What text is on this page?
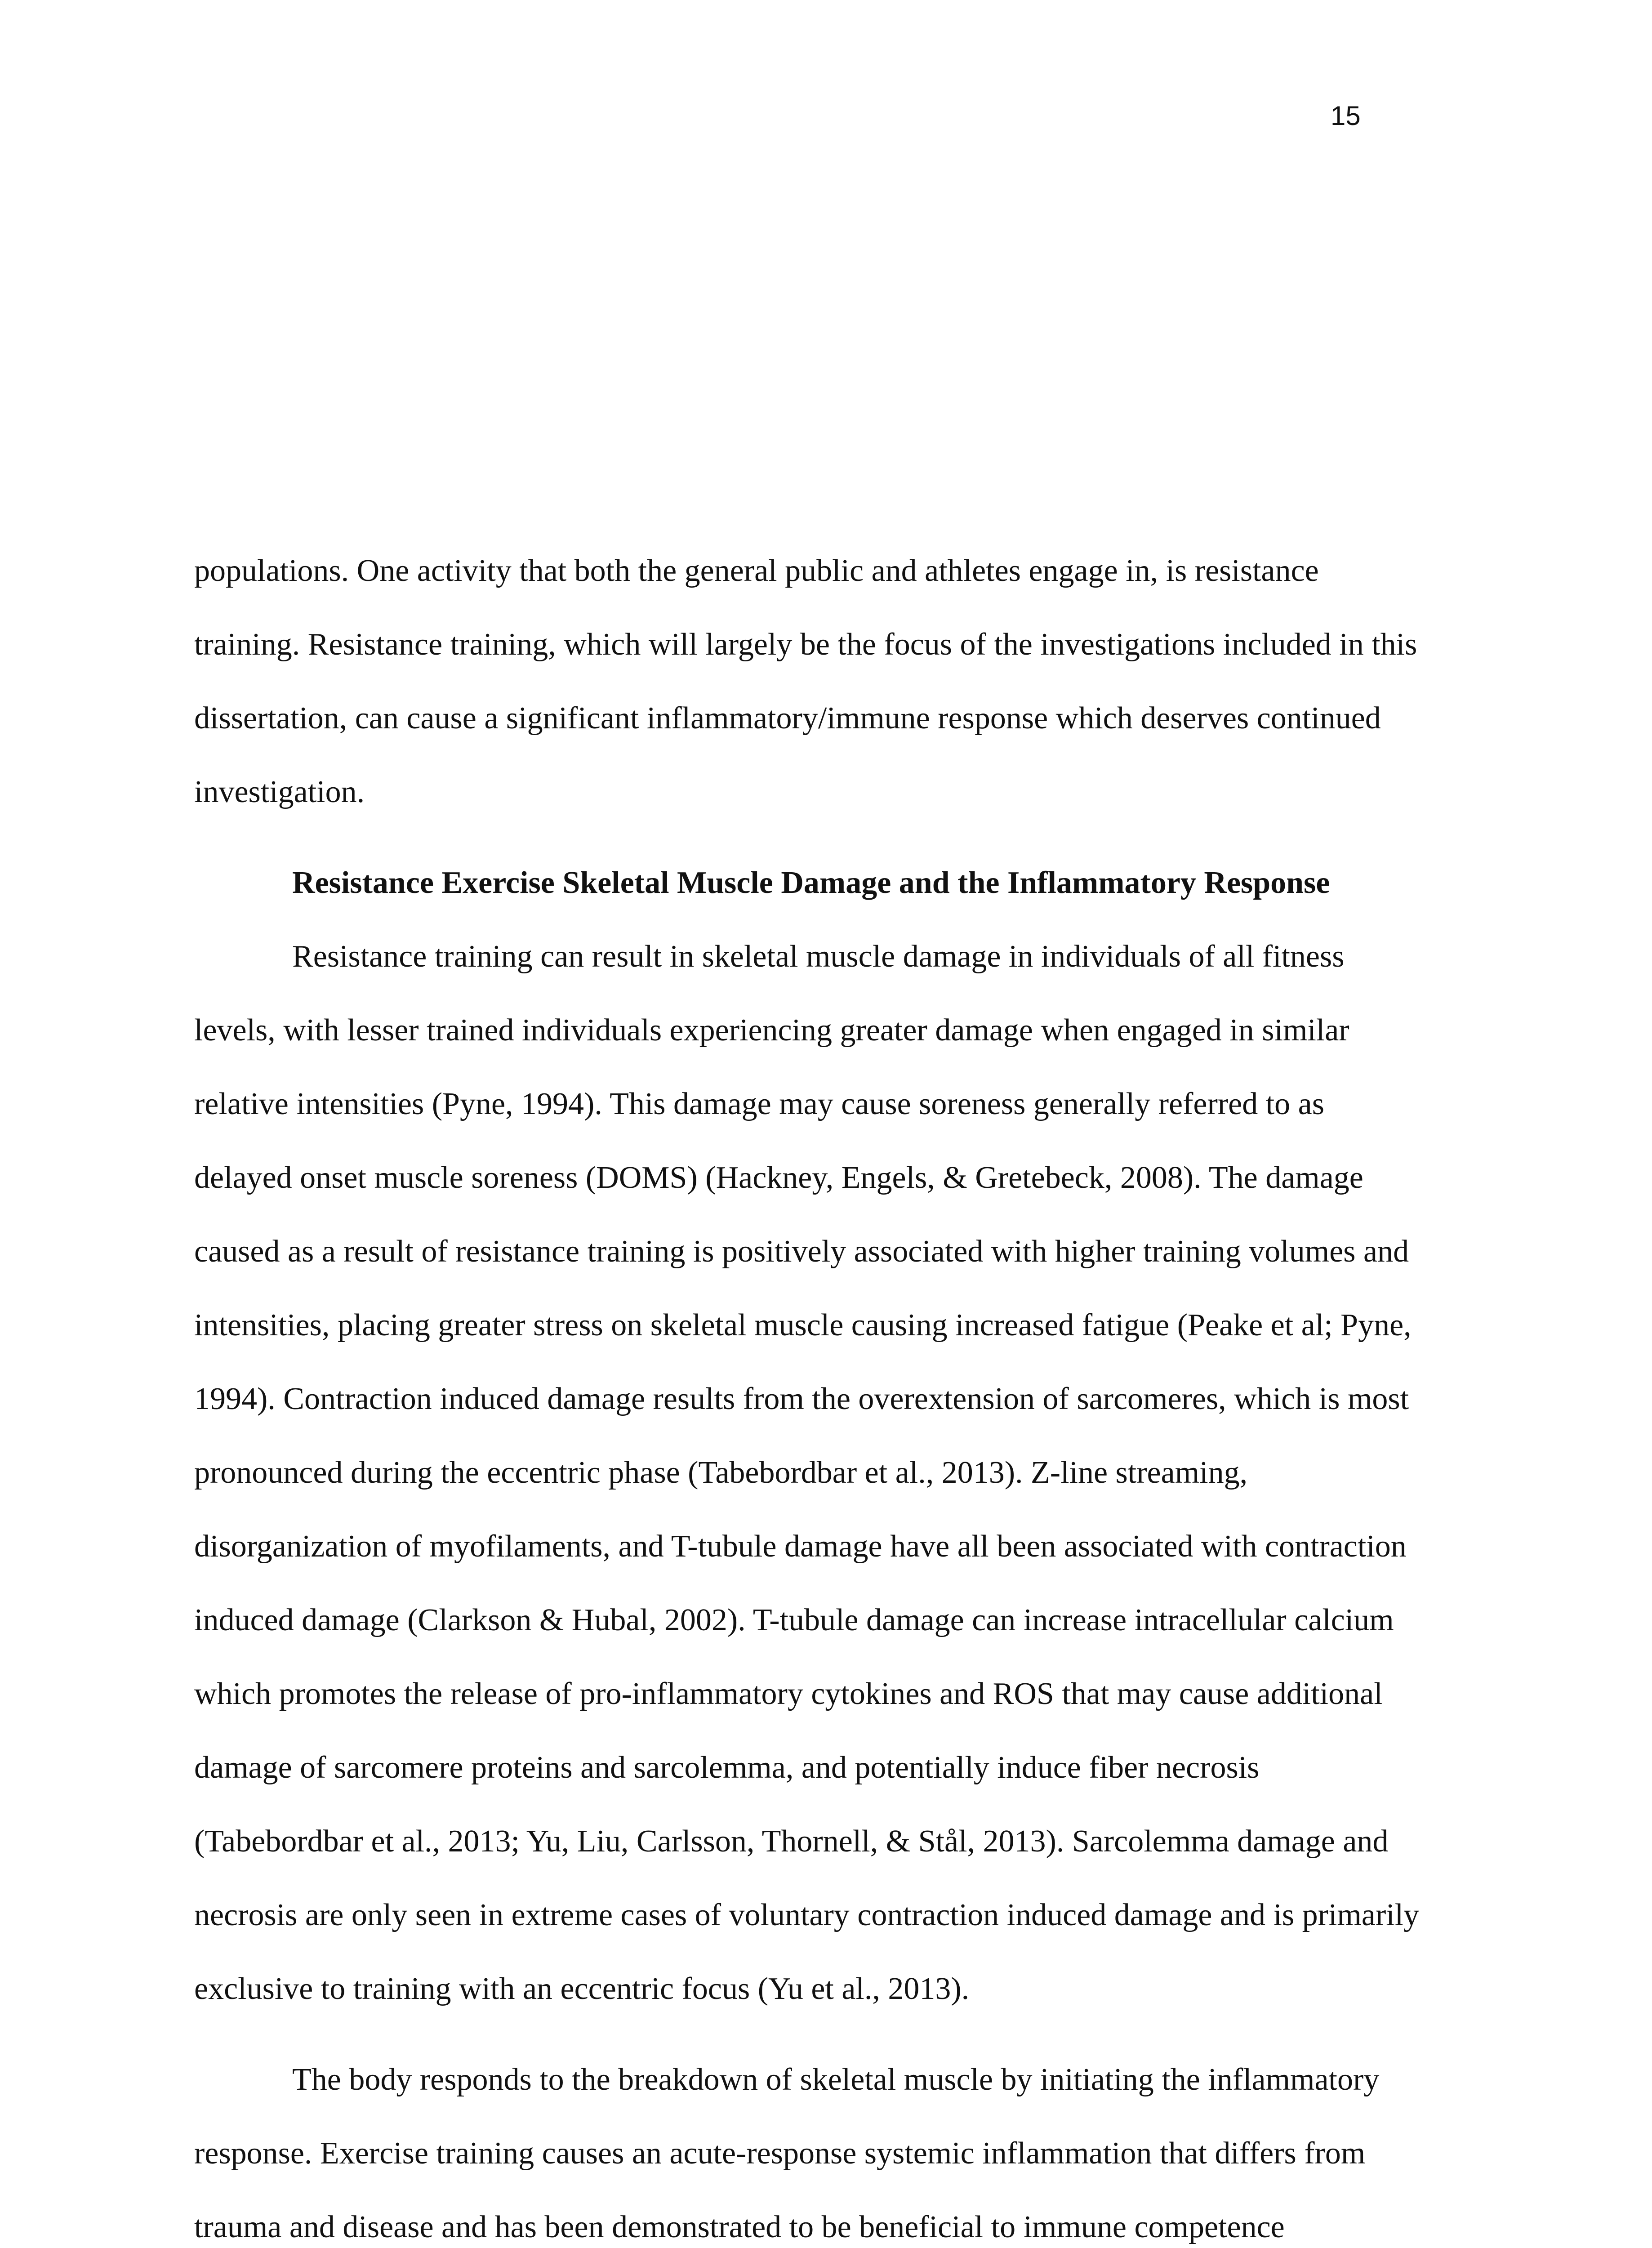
15
populations. One activity that both the general public and athletes engage in, is resistance
training. Resistance training, which will largely be the focus of the investigations included in this
dissertation, can cause a significant inflammatory/immune response which deserves continued
investigation.
Resistance Exercise Skeletal Muscle Damage and the Inflammatory Response
Resistance training can result in skeletal muscle damage in individuals of all fitness
levels, with lesser trained individuals experiencing greater damage when engaged in similar
relative intensities (Pyne, 1994). This damage may cause soreness generally referred to as
delayed onset muscle soreness (DOMS) (Hackney, Engels, & Gretebeck, 2008). The damage
caused as a result of resistance training is positively associated with higher training volumes and
intensities, placing greater stress on skeletal muscle causing increased fatigue (Peake et al; Pyne,
1994). Contraction induced damage results from the overextension of sarcomeres, which is most
pronounced during the eccentric phase (Tabebordbar et al., 2013). Z-line streaming,
disorganization of myofilaments, and T-tubule damage have all been associated with contraction
induced damage (Clarkson & Hubal, 2002). T-tubule damage can increase intracellular calcium
which promotes the release of pro-inflammatory cytokines and ROS that may cause additional
damage of sarcomere proteins and sarcolemma, and potentially induce fiber necrosis
(Tabebordbar et al., 2013; Yu, Liu, Carlsson, Thornell, & Stål, 2013). Sarcolemma damage and
necrosis are only seen in extreme cases of voluntary contraction induced damage and is primarily
exclusive to training with an eccentric focus (Yu et al., 2013).
The body responds to the breakdown of skeletal muscle by initiating the inflammatory
response. Exercise training causes an acute-response systemic inflammation that differs from
trauma and disease and has been demonstrated to be beneficial to immune competence
